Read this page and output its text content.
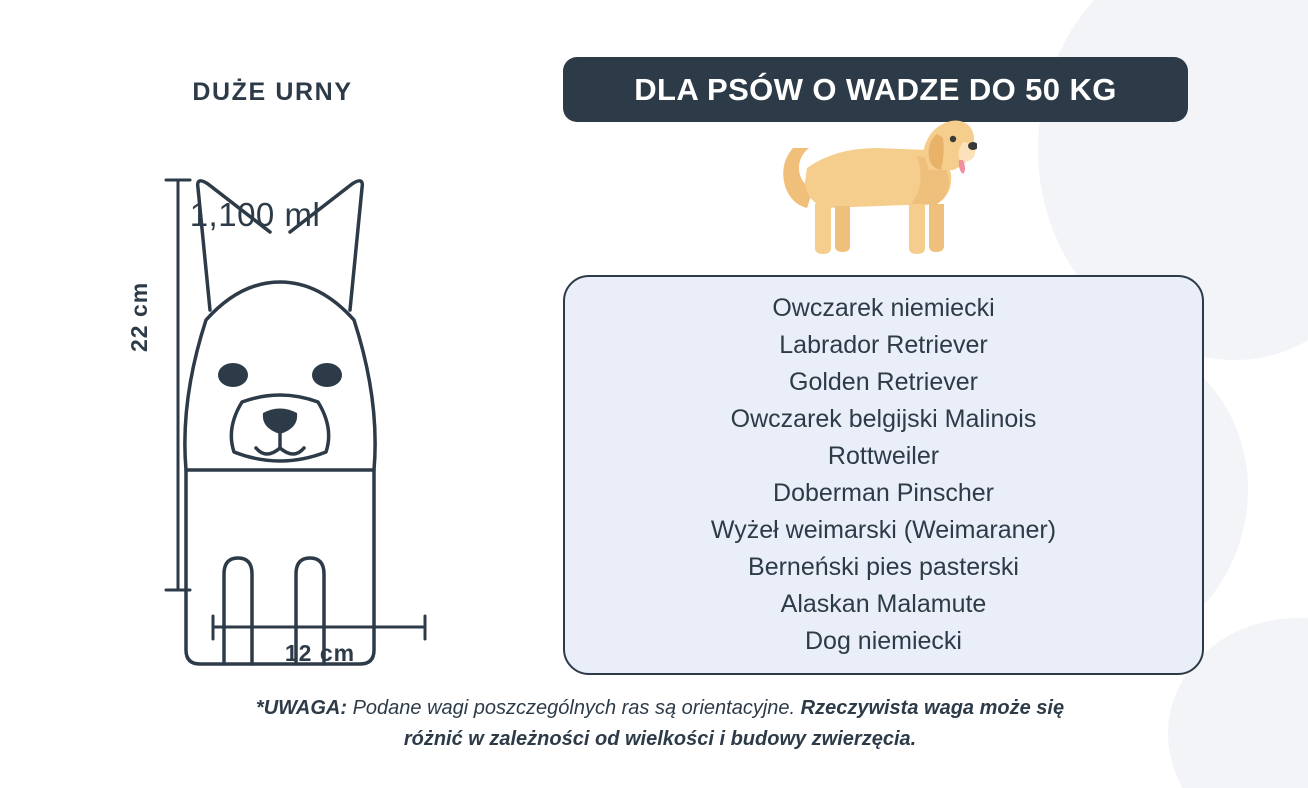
DUŻE URNY
1,100 ml
22 cm
12 cm
DLA PSÓW O WADZE DO 50 KG
Owczarek niemiecki
Labrador Retriever
Golden Retriever
Owczarek belgijski Malinois
Rottweiler
Doberman Pinscher
Wyżeł weimarski (Weimaraner)
Berneński pies pasterski
Alaskan Malamute
Dog niemiecki
*UWAGA: Podane wagi poszczególnych ras są orientacyjne. Rzeczywista waga może się różnić w zależności od wielkości i budowy zwierzęcia.
